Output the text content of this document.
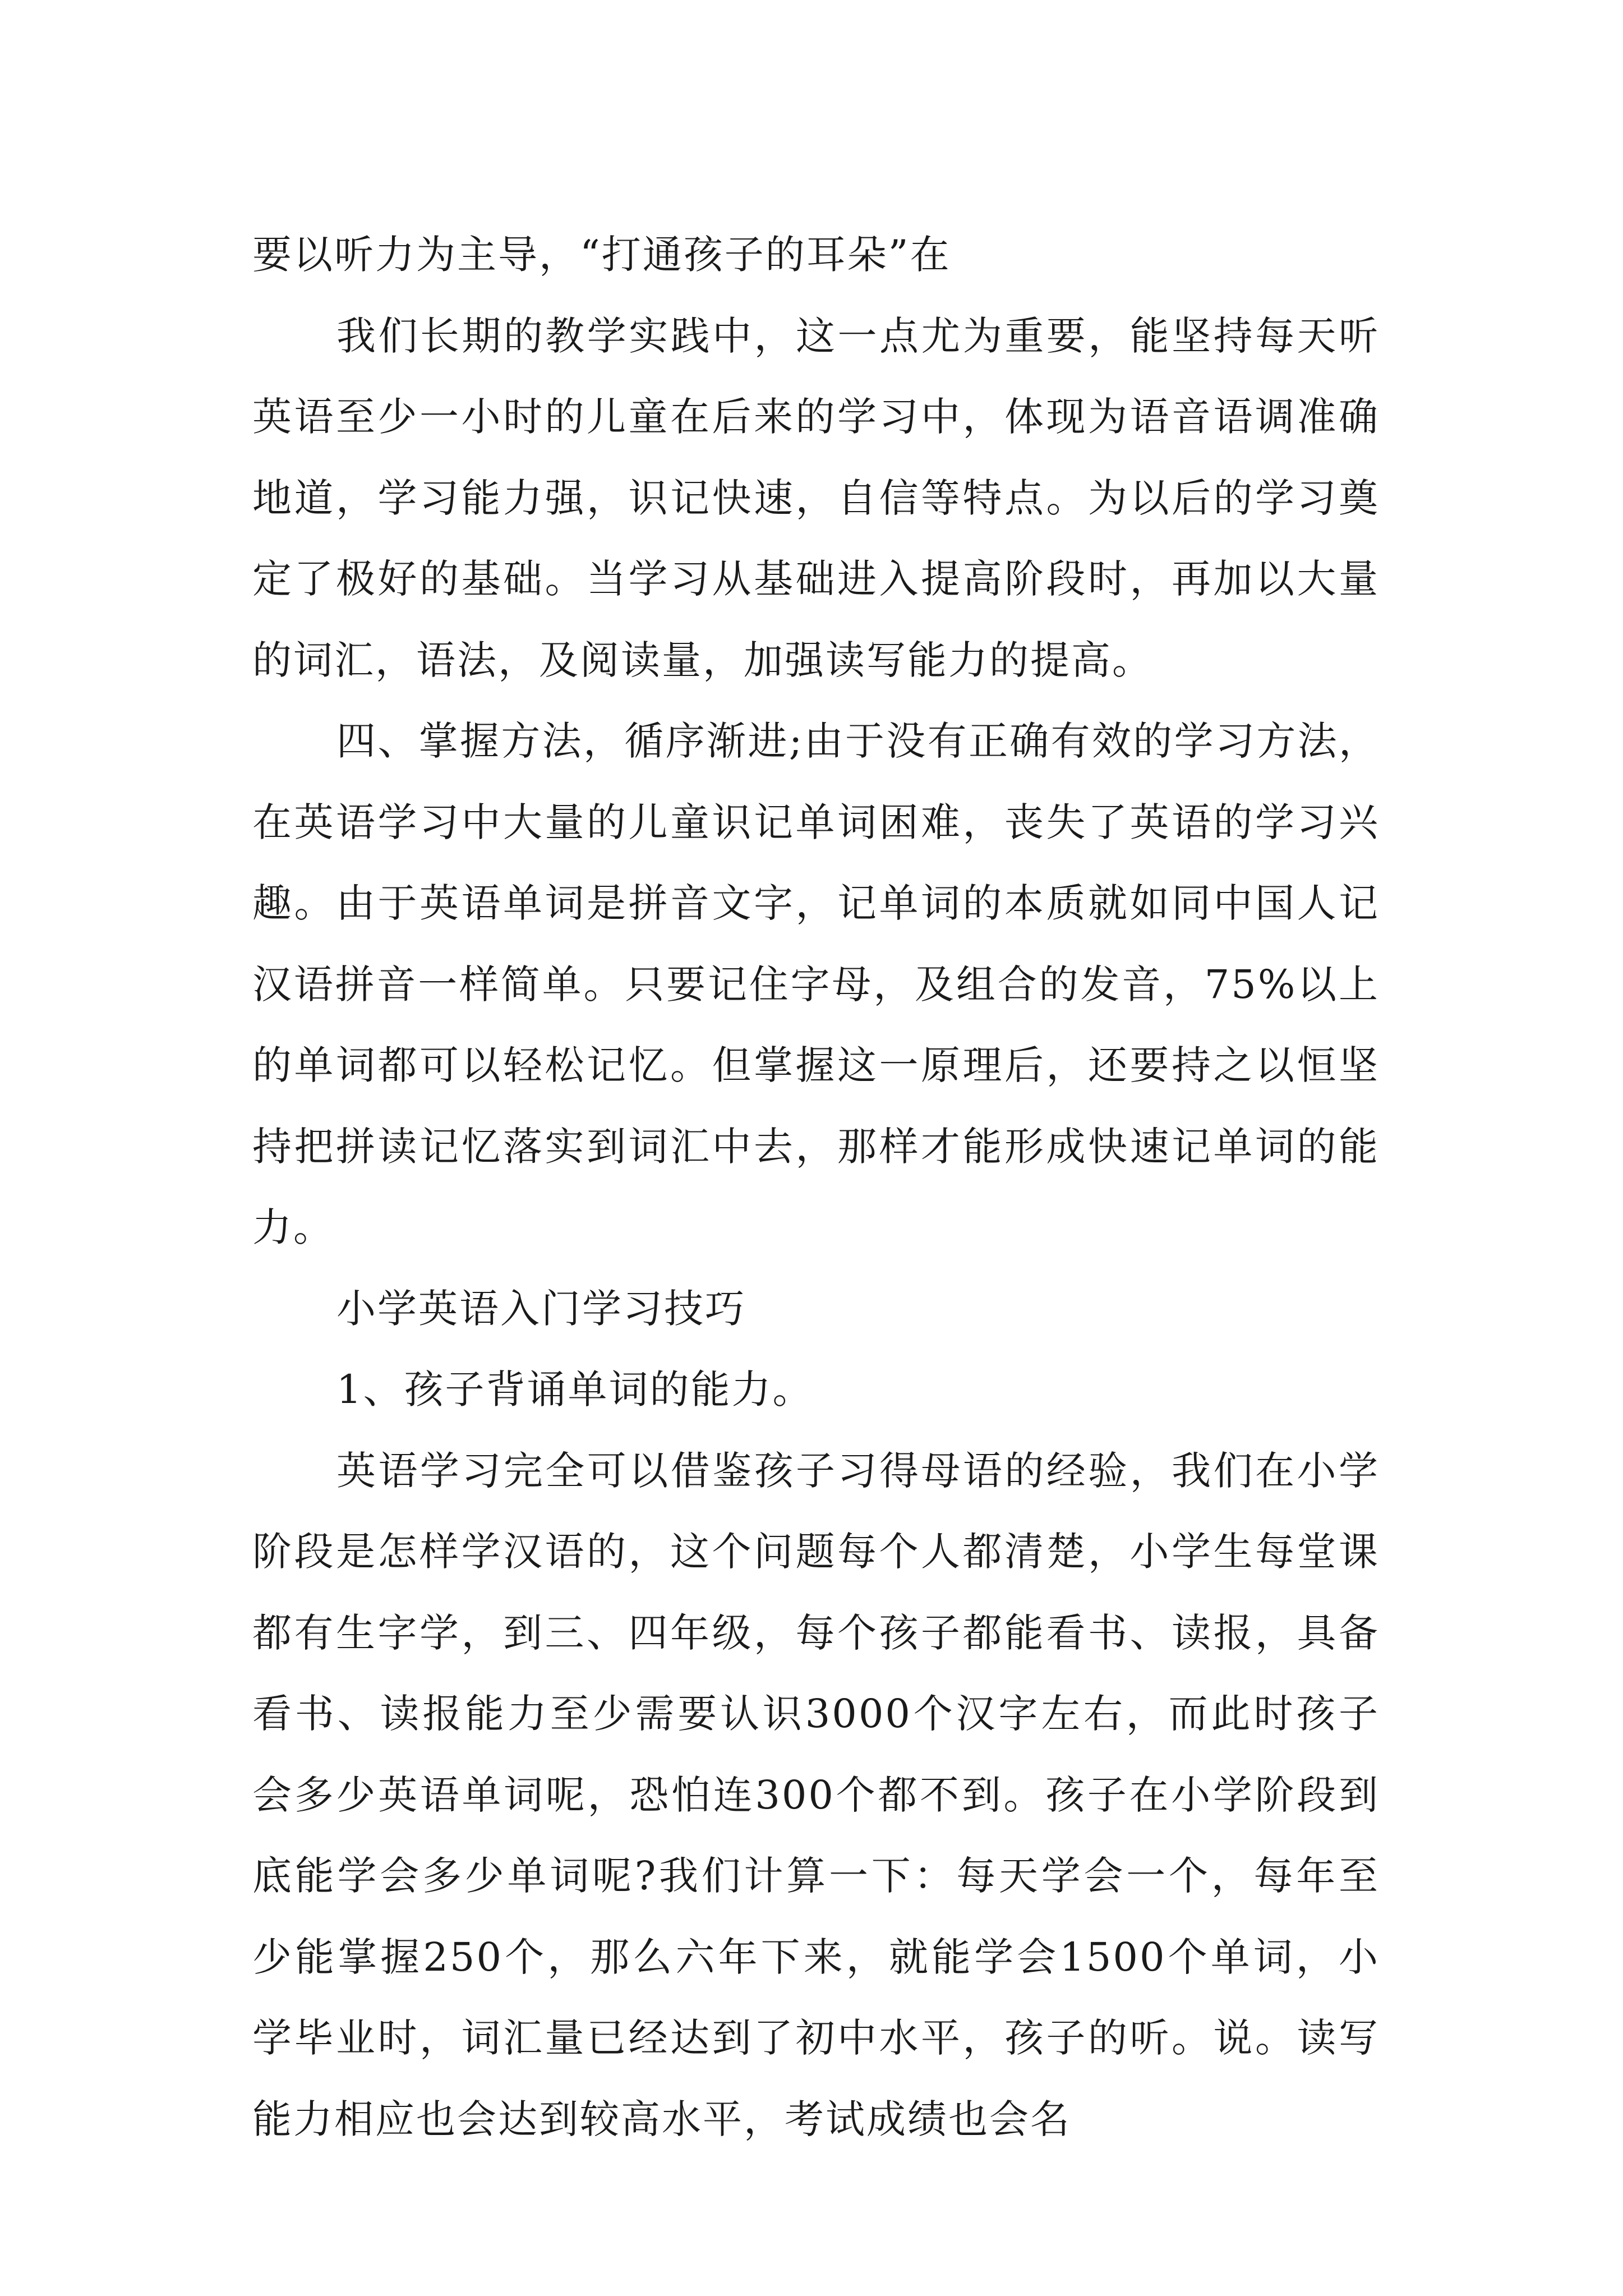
要以听力为主导，“打通孩子的耳朵”在

我们长期的教学实践中，这一点尤为重要，能坚持每天听英语至少一小时的儿童在后来的学习中，体现为语音语调准确地道，学习能力强，识记快速，自信等特点。为以后的学习奠定了极好的基础。当学习从基础进入提高阶段时，再加以大量的词汇，语法，及阅读量，加强读写能力的提高。

四、掌握方法，循序渐进;由于没有正确有效的学习方法，在英语学习中大量的儿童识记单词困难，丧失了英语的学习兴趣。由于英语单词是拼音文字，记单词的本质就如同中国人记汉语拼音一样简单。只要记住字母，及组合的发音，75%以上的单词都可以轻松记忆。但掌握这一原理后，还要持之以恒坚持把拼读记忆落实到词汇中去，那样才能形成快速记单词的能力。

小学英语入门学习技巧

1、孩子背诵单词的能力。

英语学习完全可以借鉴孩子习得母语的经验，我们在小学阶段是怎样学汉语的，这个问题每个人都清楚，小学生每堂课都有生字学，到三、四年级，每个孩子都能看书、读报，具备看书、读报能力至少需要认识3000个汉字左右，而此时孩子会多少英语单词呢，恐怕连300个都不到。孩子在小学阶段到底能学会多少单词呢?我们计算一下：每天学会一个，每年至少能掌握250个，那么六年下来，就能学会1500个单词，小学毕业时，词汇量已经达到了初中水平，孩子的听。说。读写能力相应也会达到较高水平，考试成绩也会名
